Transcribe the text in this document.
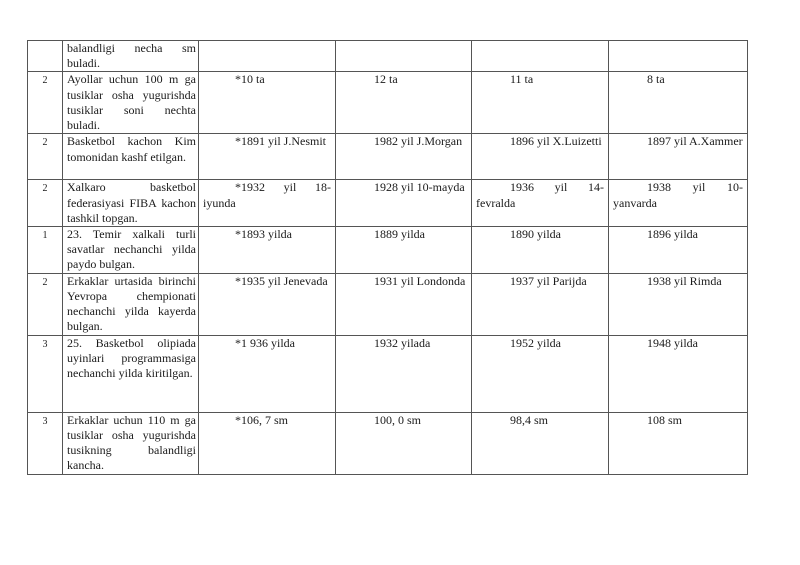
	balandligi necha sm buladi.				
2	Ayollar uchun 100 m ga tusiklar osha yugurishda tusiklar soni nechta buladi.	*10 ta	12 ta	11 ta	8 ta
2	Basketbol kachon Kim tomonidan kashf etilgan.	*1891 yil J.Nesmit	1982 yil J.Morgan	1896 yil X.Luizetti	1897 yil A.Xammer
2	Xalkaro basketbol federasiyasi FIBA kachon tashkil topgan.	*1932 yil 18-iyunda	1928 yil 10-mayda	1936 yil 14-fevralda	1938 yil 10-yanvarda
1	23. Temir xalkali turli savatlar nechanchi yilda paydo bulgan.	*1893 yilda	1889 yilda	1890 yilda	1896 yilda
2	Erkaklar urtasida birinchi Yevropa chempionati nechanchi yilda kayerda bulgan.	*1935 yil Jenevada	1931 yil Londonda	1937 yil Parijda	1938 yil Rimda
3	25. Basketbol olipiada uyinlari programmasiga nechanchi yilda kiritilgan.	*1 936 yilda	1932 yilada	1952 yilda	1948 yilda
3	Erkaklar uchun 110 m ga tusiklar osha yugurishda tusikning balandligi kancha.	*106, 7 sm	100, 0 sm	98,4 sm	108 sm
